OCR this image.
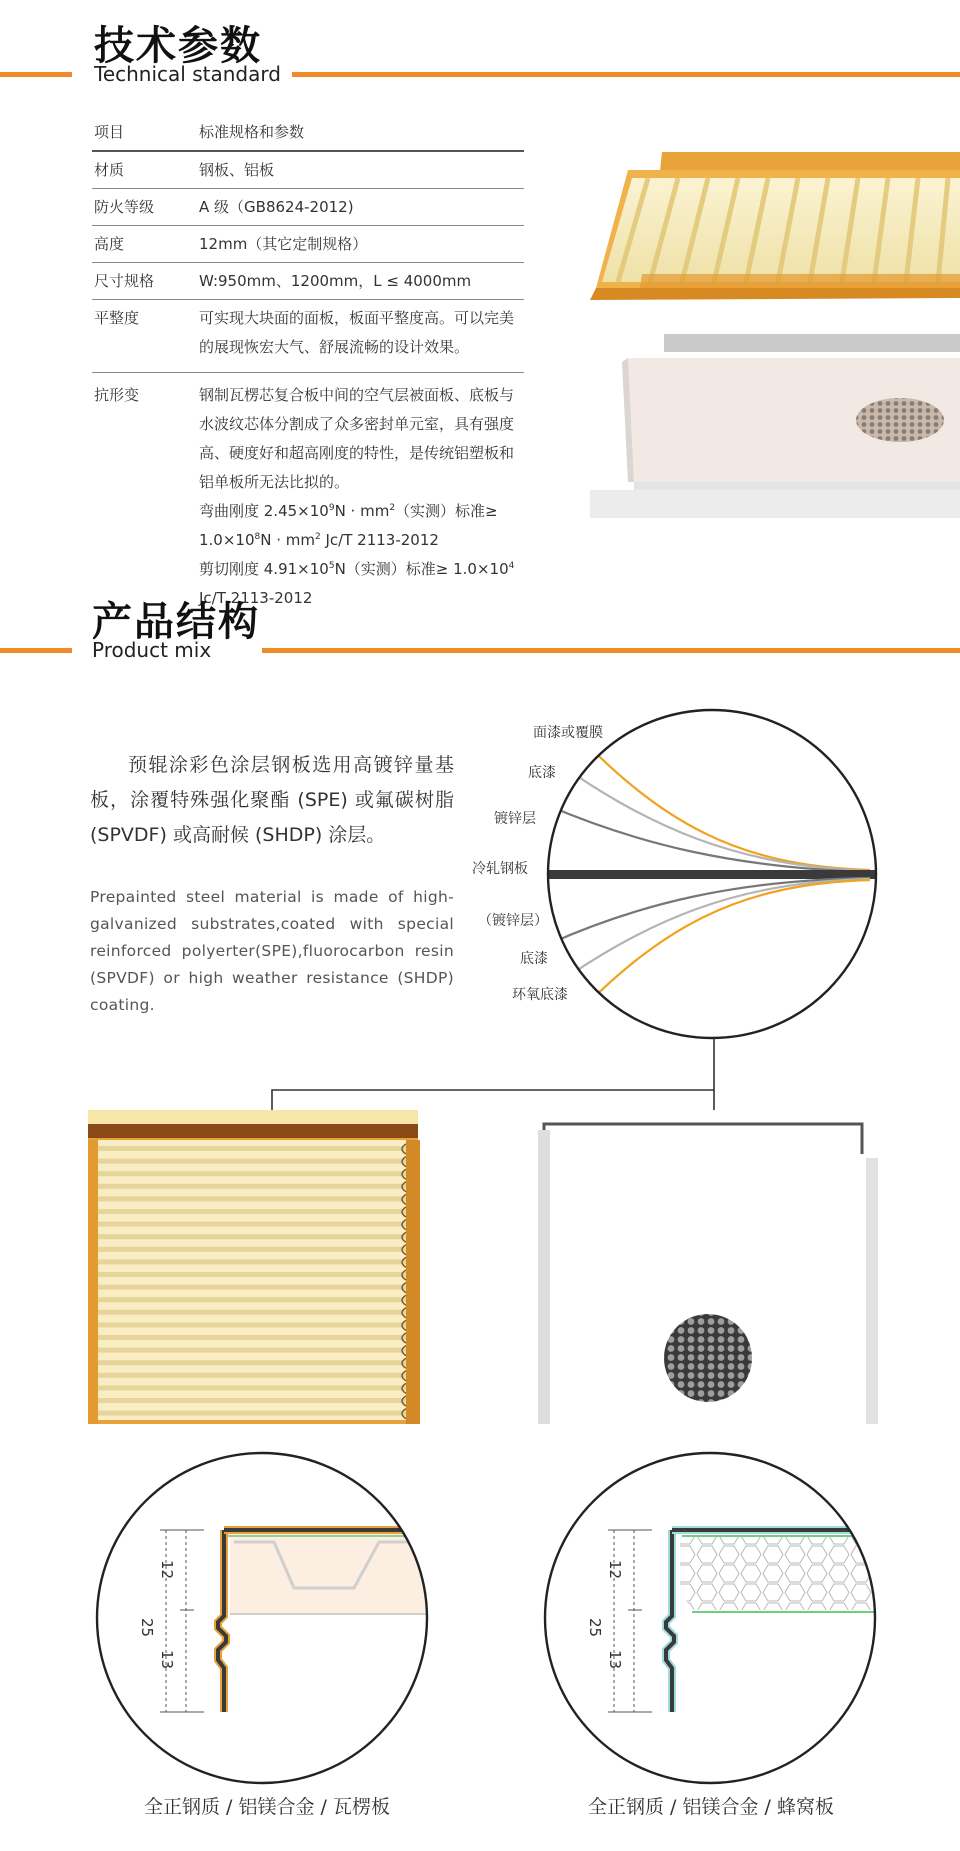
技术参数
Technical standard
项目	标准规格和参数
材质	钢板、铝板
防火等级	A 级（GB8624-2012)
高度	12mm（其它定制规格）
尺寸规格	W:950mm、1200mm，L ≤ 4000mm
平整度	可实现大块面的面板，板面平整度高。可以完美的展现恢宏大气、舒展流畅的设计效果。
抗形变	钢制瓦楞芯复合板中间的空气层被面板、底板与水波纹芯体分割成了众多密封单元室，具有强度高、硬度好和超高刚度的特性，是传统铝塑板和铝单板所无法比拟的。
弯曲刚度 $2.45\times 10^9N \cdot mm^2$（实测）标准≥
$1.0\times 10^8N \cdot mm^2$ Jc/T 2113-2012
剪切刚度 $4.91\times 10^5N$（实测）标准≥ $1.0\times 10^4$
Jc/T 2113-2012
产品结构
Product mix
预辊涂彩色涂层钢板选用高镀锌量基板，涂覆特殊强化聚酯 (SPE) 或氟碳树脂 (SPVDF) 或高耐候 (SHDP) 涂层。
Prepainted steel material is made of high-galvanized substrates,coated with special reinforced polyerter(SPE),fluorocarbon resin (SPVDF) or high weather resistance (SHDP) coating.
面漆或覆膜
底漆
镀锌层
冷轧钢板
（镀锌层）
底漆
环氧底漆
12
25
13
12
25
13
全正钢质 / 铝镁合金 / 瓦楞板	全正钢质 / 铝镁合金 / 蜂窝板
